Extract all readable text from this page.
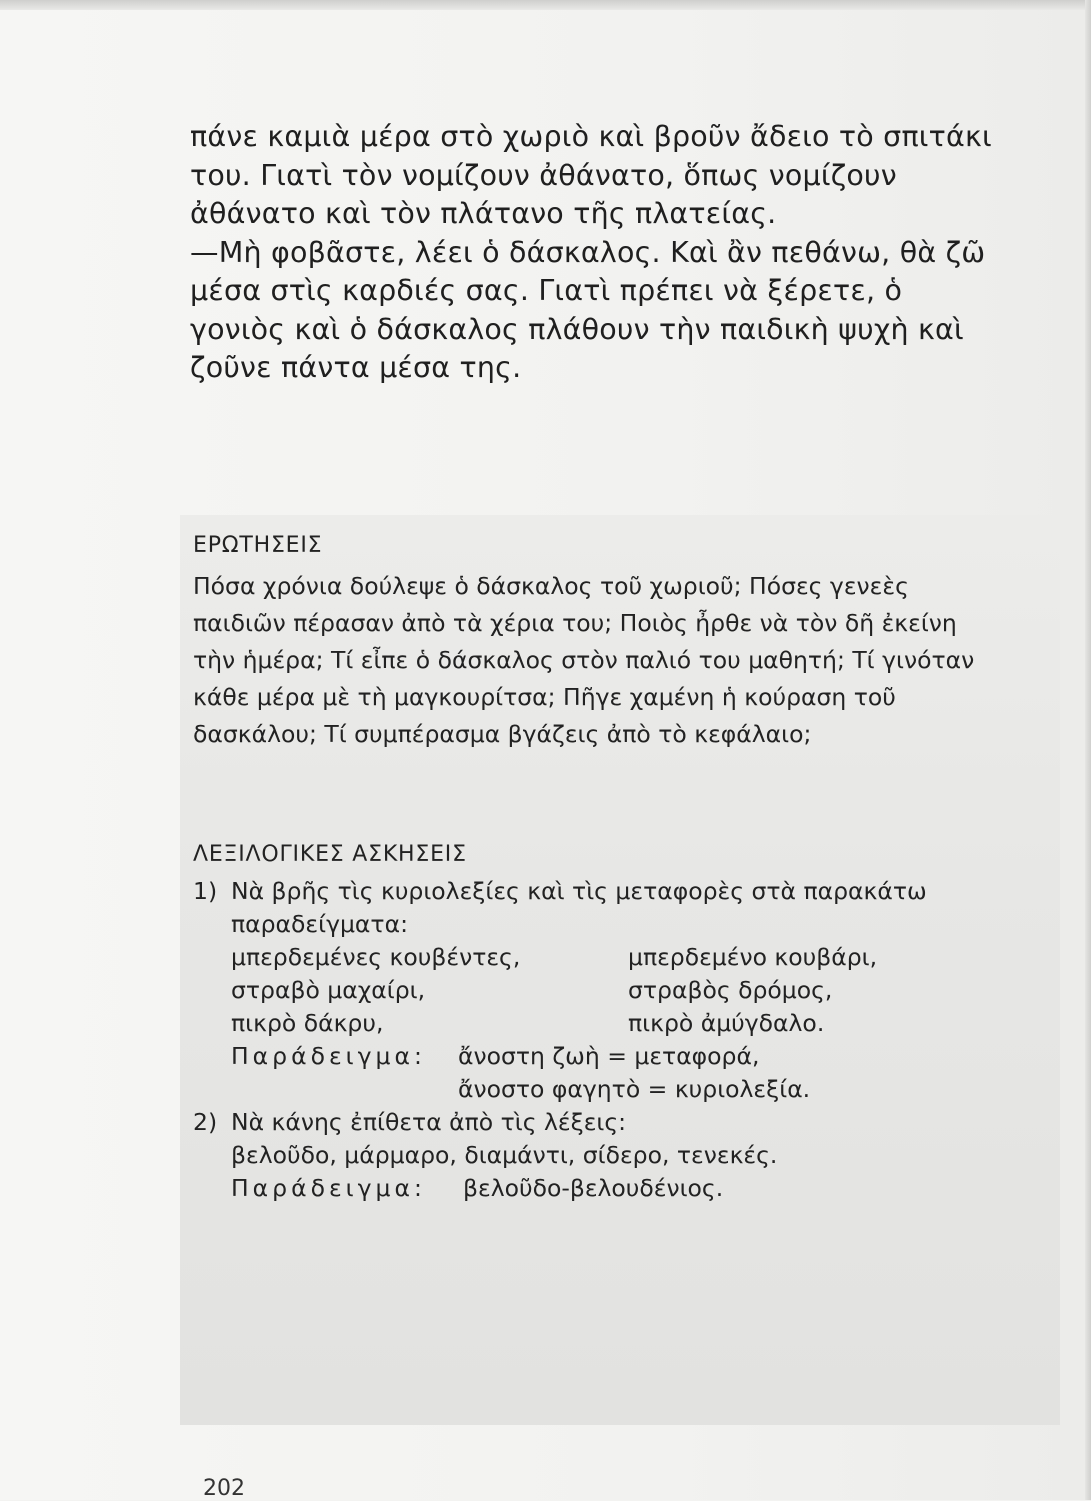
πάνε καμιὰ μέρα στὸ χωριὸ καὶ βροῦν ἄδειο τὸ σπιτάκι

του. Γιατὶ τὸν νομίζουν ἀθάνατο, ὅπως νομίζουν

ἀθάνατο καὶ τὸν πλάτανο τῆς πλατείας.

—Μὴ φοβᾶστε, λέει ὁ δάσκαλος. Καὶ ἂν πεθάνω, θὰ ζῶ

μέσα στὶς καρδιές σας. Γιατὶ πρέπει νὰ ξέρετε, ὁ

γονιὸς καὶ ὁ δάσκαλος πλάθουν τὴν παιδικὴ ψυχὴ καὶ

ζοῦνε πάντα μέσα της.

ΕΡΩΤΗΣΕΙΣ

Πόσα χρόνια δούλεψε ὁ δάσκαλος τοῦ χωριοῦ; Πόσες γενεὲς

παιδιῶν πέρασαν ἀπὸ τὰ χέρια του; Ποιὸς ἦρθε νὰ τὸν δῆ ἐκείνη

τὴν ἡμέρα; Τί εἶπε ὁ δάσκαλος στὸν παλιό του μαθητή; Τί γινόταν

κάθε μέρα μὲ τὴ μαγκουρίτσα; Πῆγε χαμένη ἡ κούραση τοῦ

δασκάλου; Τί συμπέρασμα βγάζεις ἀπὸ τὸ κεφάλαιο;

ΛΕΞΙΛΟΓΙΚΕΣ ΑΣΚΗΣΕΙΣ
1) Νὰ βρῆς τὶς κυριολεξίες καὶ τὶς μεταφορὲς στὰ παρακάτω
παραδείγματα:
μπερδεμένες κουβέντες,	μπερδεμένο κουβάρι,
στραβὸ μαχαίρι,	στραβὸς δρόμος,
πικρὸ δάκρυ,	πικρὸ ἀμύγδαλο.
Παράδειγμα: ἄνοστη ζωὴ = μεταφορά,
ἄνοστο φαγητὸ = κυριολεξία.
2) Νὰ κάνης ἐπίθετα ἀπὸ τὶς λέξεις:
βελοῦδο, μάρμαρο, διαμάντι, σίδερο, τενεκές.
Παράδειγμα: βελοῦδο-βελουδένιος.
202
